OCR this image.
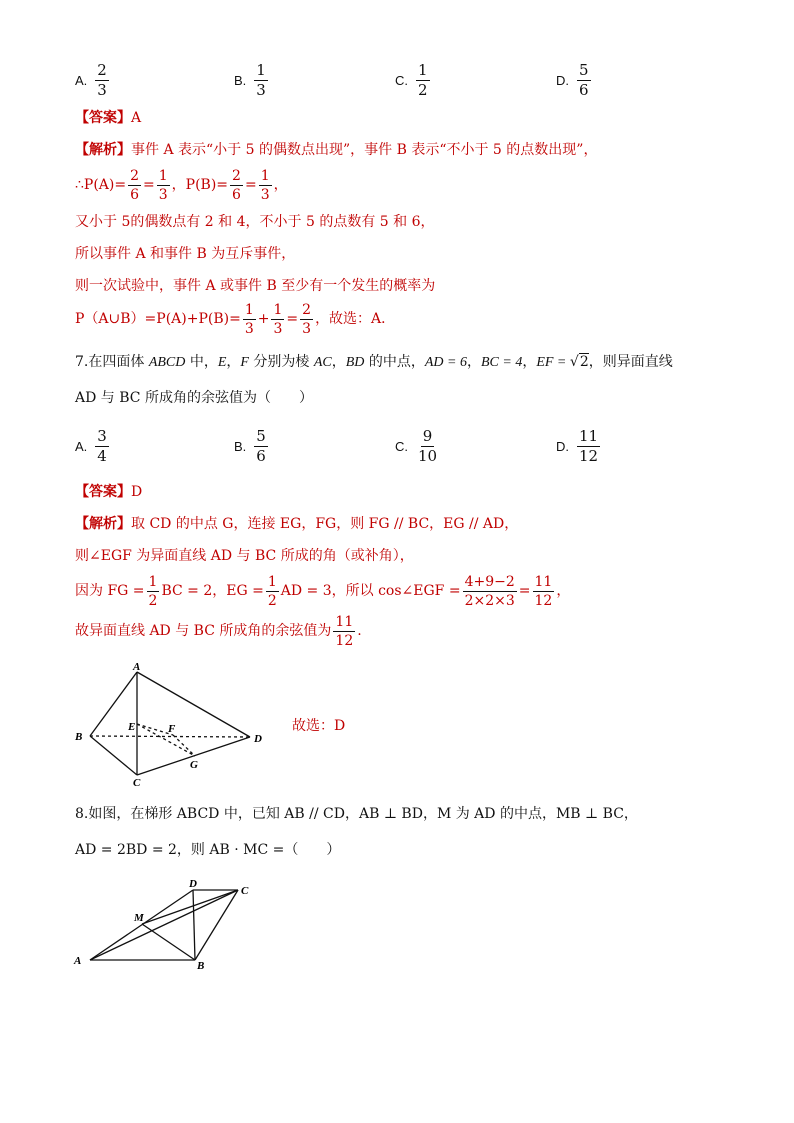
A. $\frac{2}{3}$	B. $\frac{1}{3}$	C. $\frac{1}{2}$	D. $\frac{5}{6}$
【答案】A
【解析】事件 A 表示“小于 5 的偶数点出现”，事件 B 表示“不小于 5 的点数出现”，
∴P(A)= $\frac{2}{6} = \frac{1}{3}$ ，$P(B)= \frac{2}{6} = \frac{1}{3}$ ，
又小于 5的偶数点有 2 和 4，不小于 5 的点数有 5 和 6，
所以事件 A 和事件 B 为互斥事件，
则一次试验中，事件 A 或事件 B 至少有一个发生的概率为
P（A∪B）=P(A)+P(B)= $\frac{1}{3} + \frac{1}{3} = \frac{2}{3}$ ，故选：A．
7.在四面体 ABCD 中，E，F 分别为棱 AC，BD 的中点，AD = 6，BC = 4，EF = √2，则异面直线
AD 与 BC 所成角的余弦值为（　　）
A. $\frac{3}{4}$	B. $\frac{5}{6}$	C. $\frac{9}{10}$	D. $\frac{11}{12}$
【答案】D
【解析】取 CD 的中点 G，连接 EG，FG，则 FG // BC，EG // AD，
则∠EGF 为异面直线 AD 与 BC 所成的角（或补角），
因为 FG = $\frac{1}{2}$ BC = 2，EG = $\frac{1}{2}$ AD = 3，所以 cos∠EGF = $\frac{4+9-2}{2\times 2\times 3} = \frac{11}{12}$ ，
故异面直线 AD 与 BC 所成角的余弦值为 $\frac{11}{12}$ .
A
B
C
D
E	F
G
故选：D
8.如图，在梯形 ABCD 中，已知 AB // CD，AB ⊥ BD，M 为 AD 的中点，MB ⊥ BC，
AD = 2BD = 2，则 AB · MC =（　　）
A	B
C
D
M
